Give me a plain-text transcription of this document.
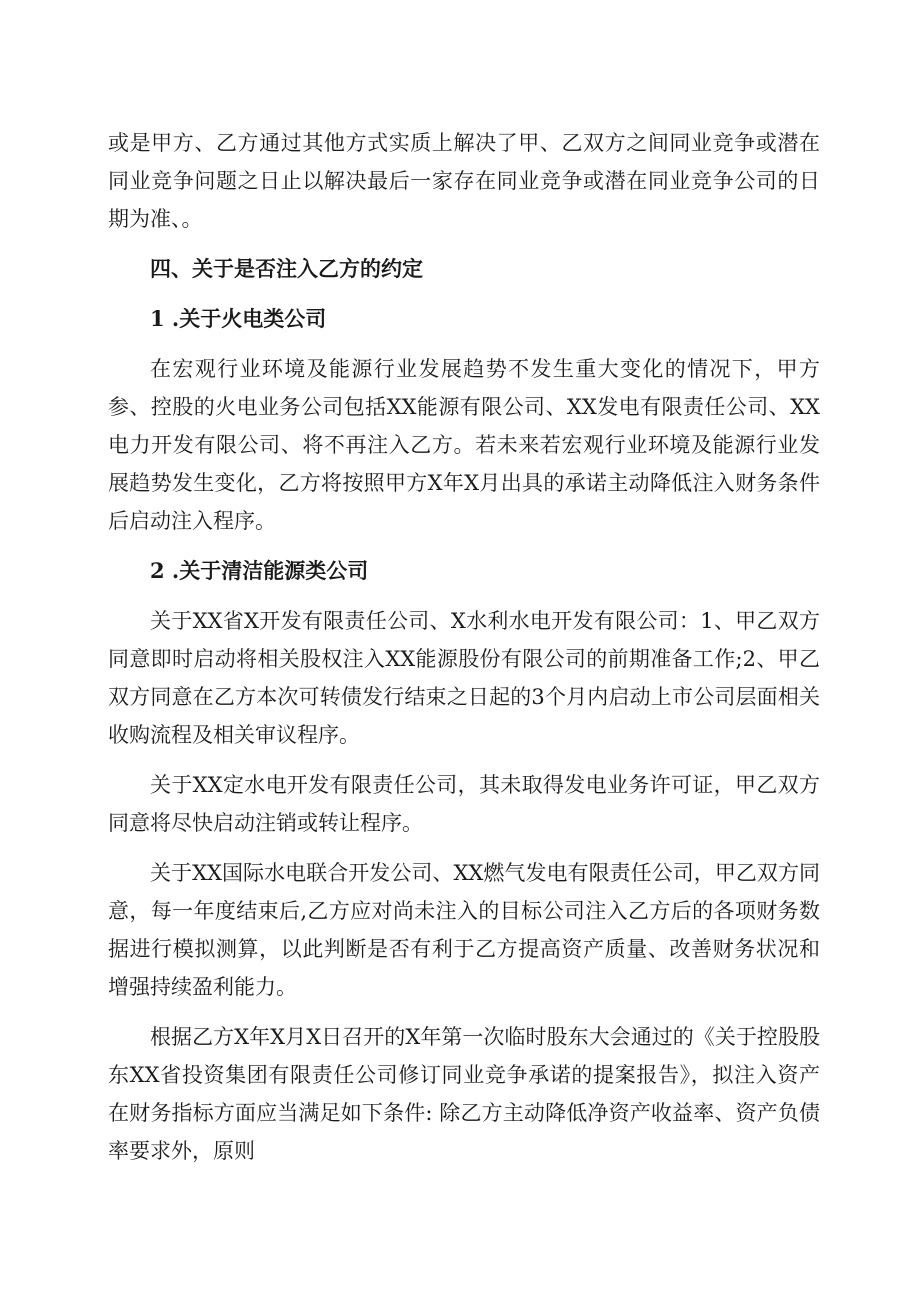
或是甲方、乙方通过其他方式实质上解决了甲、乙双方之间同业竞争或潜在同业竞争问题之日止以解决最后一家存在同业竞争或潜在同业竞争公司的日期为准、。

四、关于是否注入乙方的约定

1 .关于火电类公司

在宏观行业环境及能源行业发展趋势不发生重大变化的情况下，甲方参、控股的火电业务公司包括XX能源有限公司、XX发电有限责任公司、XX电力开发有限公司、将不再注入乙方。若未来若宏观行业环境及能源行业发展趋势发生变化，乙方将按照甲方X年X月出具的承诺主动降低注入财务条件后启动注入程序。

2 .关于清洁能源类公司

关于XX省X开发有限责任公司、X水利水电开发有限公司：1、甲乙双方同意即时启动将相关股权注入XX能源股份有限公司的前期准备工作;2、甲乙双方同意在乙方本次可转债发行结束之日起的3个月内启动上市公司层面相关收购流程及相关审议程序。

关于XX定水电开发有限责任公司，其未取得发电业务许可证，甲乙双方同意将尽快启动注销或转让程序。

关于XX国际水电联合开发公司、XX燃气发电有限责任公司，甲乙双方同意，每一年度结束后,乙方应对尚未注入的目标公司注入乙方后的各项财务数据进行模拟测算，以此判断是否有利于乙方提高资产质量、改善财务状况和增强持续盈利能力。

根据乙方X年X月X日召开的X年第一次临时股东大会通过的《关于控股股东XX省投资集团有限责任公司修订同业竞争承诺的提案报告》，拟注入资产在财务指标方面应当满足如下条件: 除乙方主动降低净资产收益率、资产负债率要求外，原则
